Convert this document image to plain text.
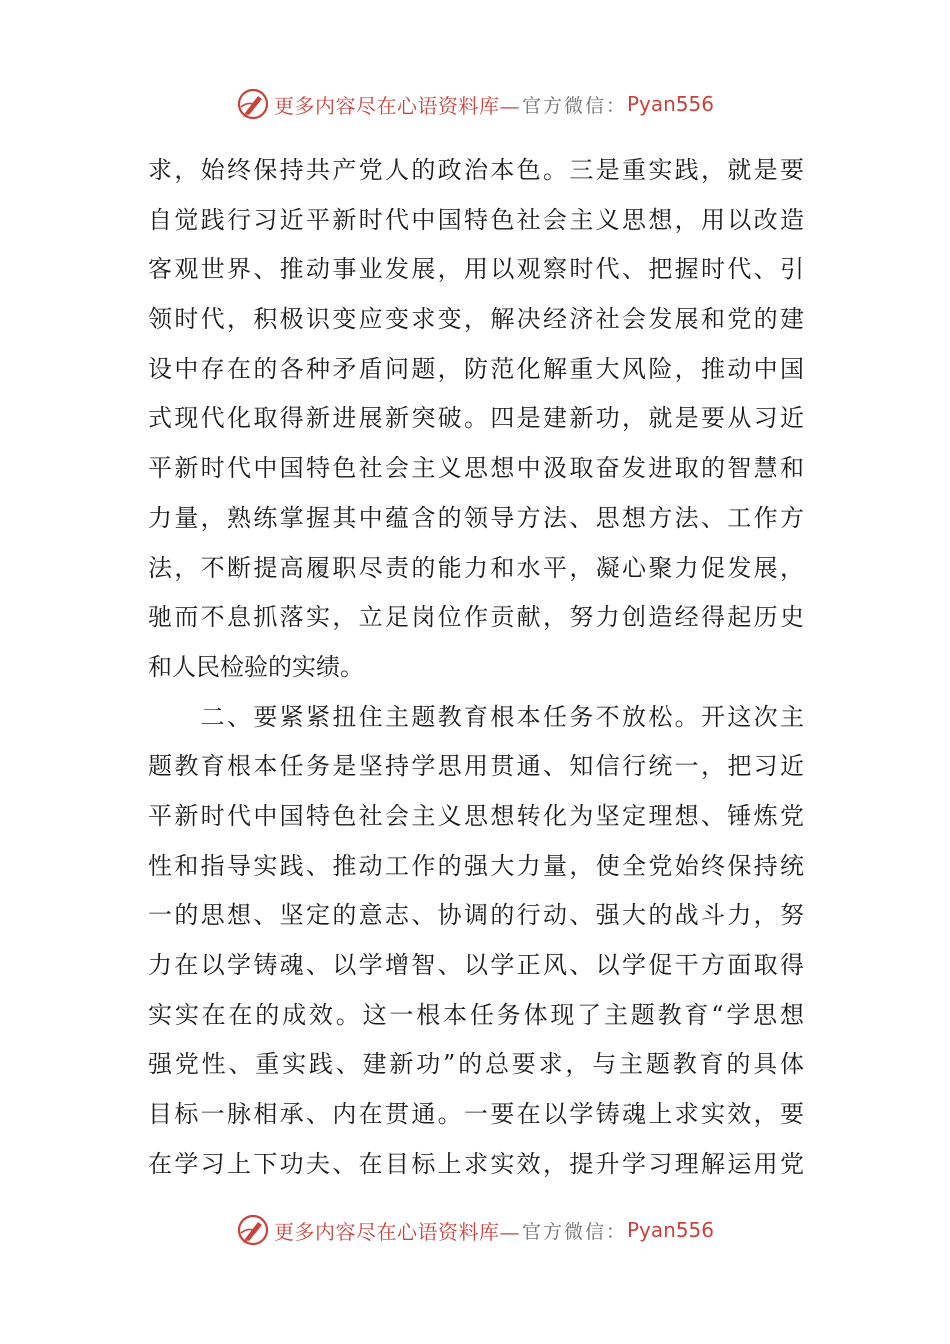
更多内容尽在心语资料库— 官方微信： Pyan556

求，始终保持共产党人的政治本色。三是重实践，就是要
自觉践行习近平新时代中国特色社会主义思想，用以改造
客观世界、推动事业发展，用以观察时代、把握时代、引
领时代，积极识变应变求变，解决经济社会发展和党的建
设中存在的各种矛盾问题，防范化解重大风险，推动中国
式现代化取得新进展新突破。四是建新功，就是要从习近
平新时代中国特色社会主义思想中汲取奋发进取的智慧和
力量，熟练掌握其中蕴含的领导方法、思想方法、工作方
法，不断提高履职尽责的能力和水平，凝心聚力促发展，
驰而不息抓落实，立足岗位作贡献，努力创造经得起历史
和人民检验的实绩。

　　二、要紧紧扭住主题教育根本任务不放松。开这次主
题教育根本任务是坚持学思用贯通、知信行统一，把习近
平新时代中国特色社会主义思想转化为坚定理想、锤炼党
性和指导实践、推动工作的强大力量，使全党始终保持统
一的思想、坚定的意志、协调的行动、强大的战斗力，努
力在以学铸魂、以学增智、以学正风、以学促干方面取得
实实在在的成效。这一根本任务体现了主题教育“学思想
强党性、重实践、建新功”的总要求，与主题教育的具体
目标一脉相承、内在贯通。一要在以学铸魂上求实效，要
在学习上下功夫、在目标上求实效，提升学习理解运用党

更多内容尽在心语资料库— 官方微信： Pyan556
